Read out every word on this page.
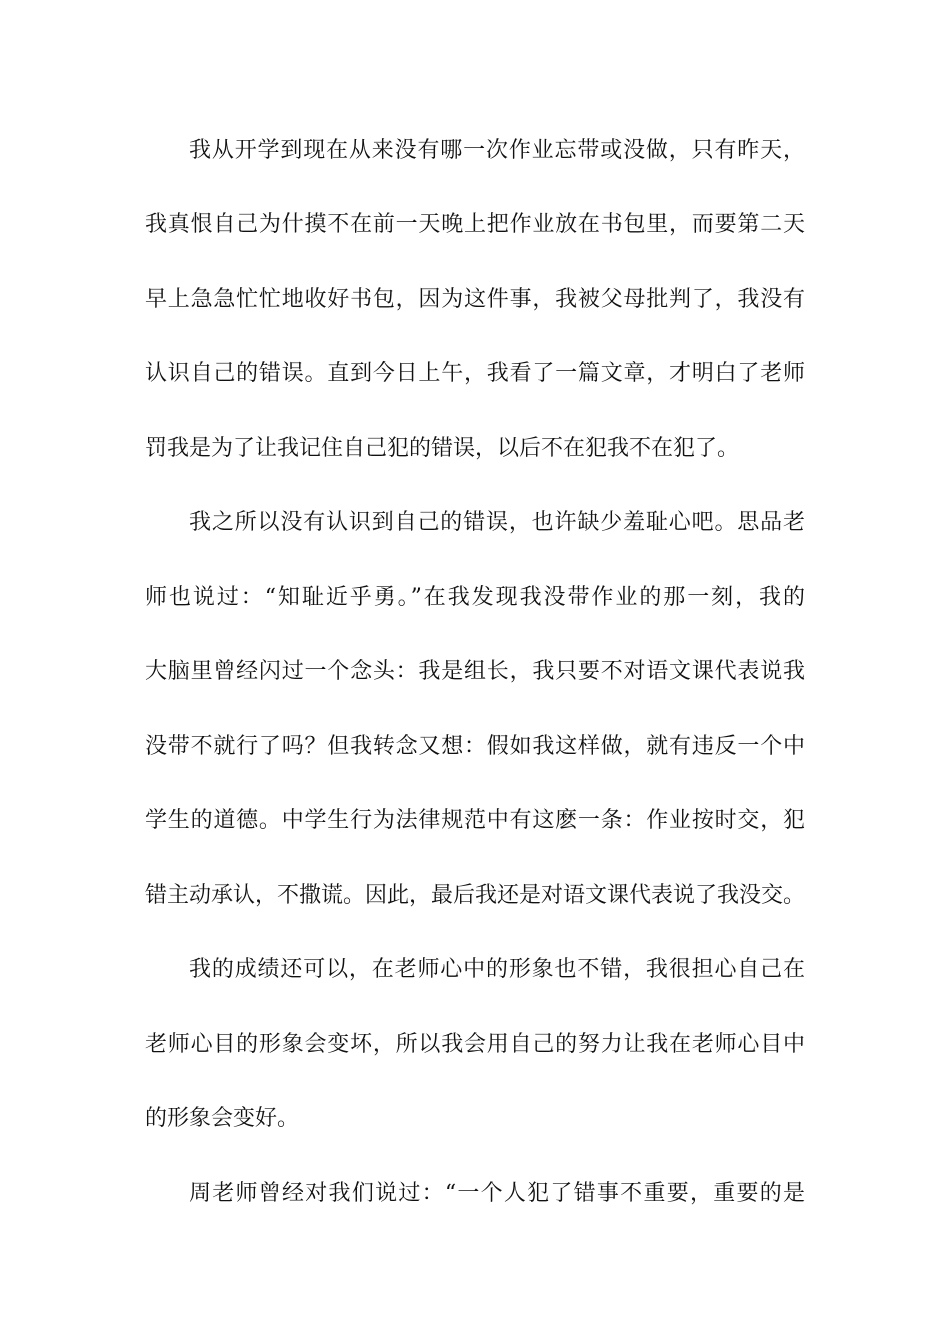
我从开学到现在从来没有哪一次作业忘带或没做，只有昨天，
我真恨自己为什摸不在前一天晚上把作业放在书包里，而要第二天
早上急急忙忙地收好书包，因为这件事，我被父母批判了，我没有
认识自己的错误。直到今日上午，我看了一篇文章，才明白了老师
罚我是为了让我记住自己犯的错误，以后不在犯我不在犯了。
我之所以没有认识到自己的错误，也许缺少羞耻心吧。思品老
师也说过：“知耻近乎勇。”在我发现我没带作业的那一刻，我的
大脑里曾经闪过一个念头：我是组长，我只要不对语文课代表说我
没带不就行了吗？但我转念又想：假如我这样做，就有违反一个中
学生的道德。中学生行为法律规范中有这麽一条：作业按时交，犯
错主动承认，不撒谎。因此，最后我还是对语文课代表说了我没交。
我的成绩还可以，在老师心中的形象也不错，我很担心自己在
老师心目的形象会变坏，所以我会用自己的努力让我在老师心目中
的形象会变好。
周老师曾经对我们说过：“一个人犯了错事不重要，重要的是
